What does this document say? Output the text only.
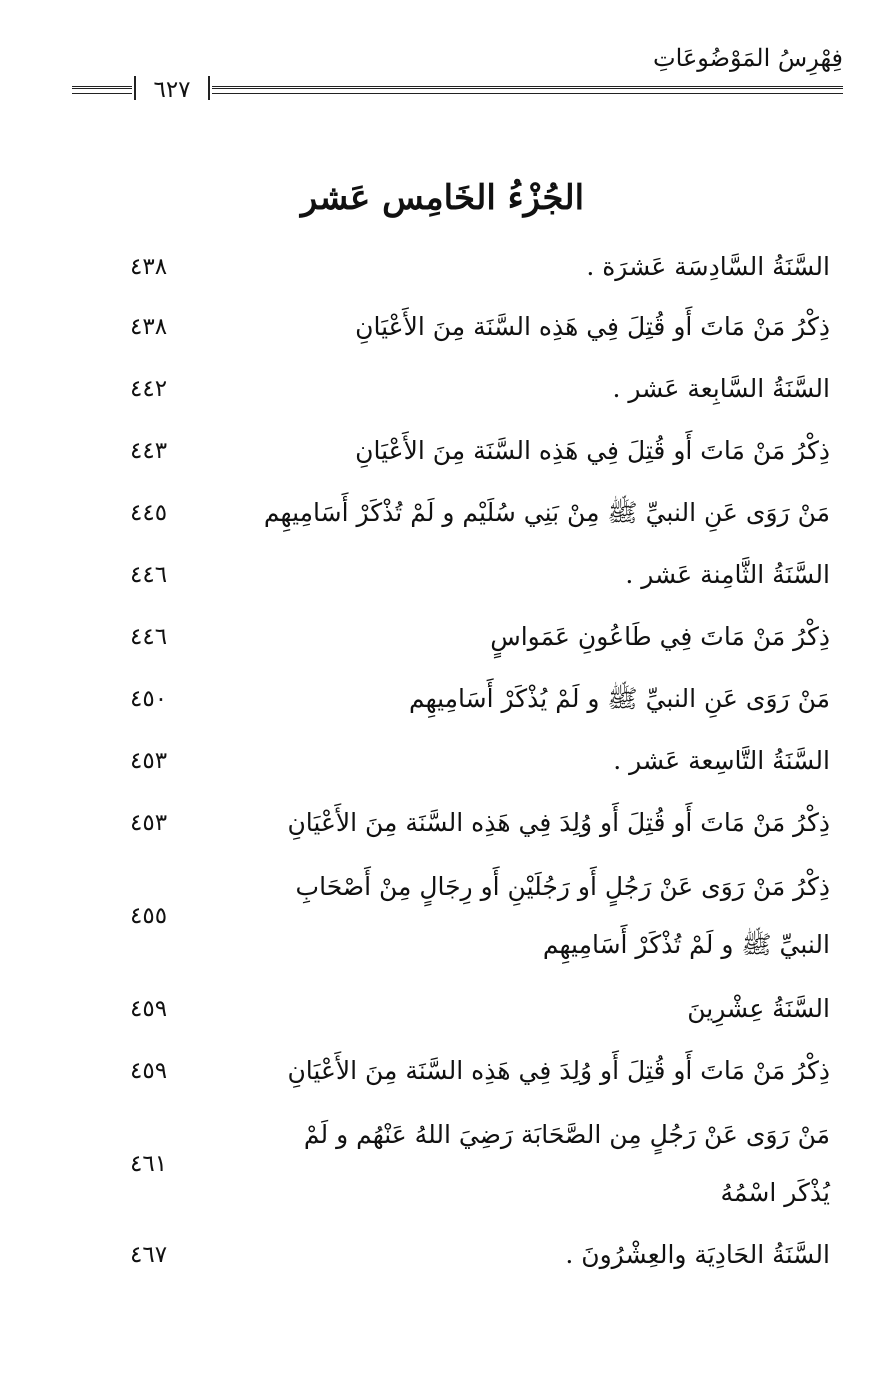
فِهْرِسُ المَوْضُوعَاتِ
٦٢٧
الجُزْءُ الخَامِس عَشر
السَّنَةُ السَّادِسَة عَشرَة .
٤٣٨
ذِكْرُ مَنْ مَاتَ أَو قُتِلَ فِي هَذِه السَّنَة مِنَ الأَعْيَانِ
٤٣٨
السَّنَةُ السَّابِعة عَشر .
٤٤٢
ذِكْرُ مَنْ مَاتَ أَو قُتِلَ فِي هَذِه السَّنَة مِنَ الأَعْيَانِ
٤٤٣
مَنْ رَوَى عَنِ النبيِّ ﷺ مِنْ بَنِي سُلَيْم و لَمْ تُذْكَرْ أَسَامِيهِم
٤٤٥
السَّنَةُ الثَّامِنة عَشر .
٤٤٦
ذِكْرُ مَنْ مَاتَ فِي طَاعُونِ عَمَواسٍ
٤٤٦
مَنْ رَوَى عَنِ النبيِّ ﷺ و لَمْ يُذْكَرْ أَسَامِيهِم
٤٥٠
السَّنَةُ التَّاسِعة عَشر .
٤٥٣
ذِكْرُ مَنْ مَاتَ أَو قُتِلَ أَو وُلِدَ فِي هَذِه السَّنَة مِنَ الأَعْيَانِ
٤٥٣
ذِكْرُ مَنْ رَوَى عَنْ رَجُلٍ أَو رَجُلَيْنِ أَو رِجَالٍ مِنْ أَصْحَابِ النبيِّ ﷺ و لَمْ تُذْكَرْ أَسَامِيهِم
٤٥٥
السَّنَةُ عِشْرِينَ
٤٥٩
ذِكْرُ مَنْ مَاتَ أَو قُتِلَ أَو وُلِدَ فِي هَذِه السَّنَة مِنَ الأَعْيَانِ
٤٥٩
مَنْ رَوَى عَنْ رَجُلٍ مِن الصَّحَابَة رَضِيَ اللهُ عَنْهُم و لَمْ يُذْكَر اسْمُهُ
٤٦١
السَّنَةُ الحَادِيَة والعِشْرُونَ .
٤٦٧
